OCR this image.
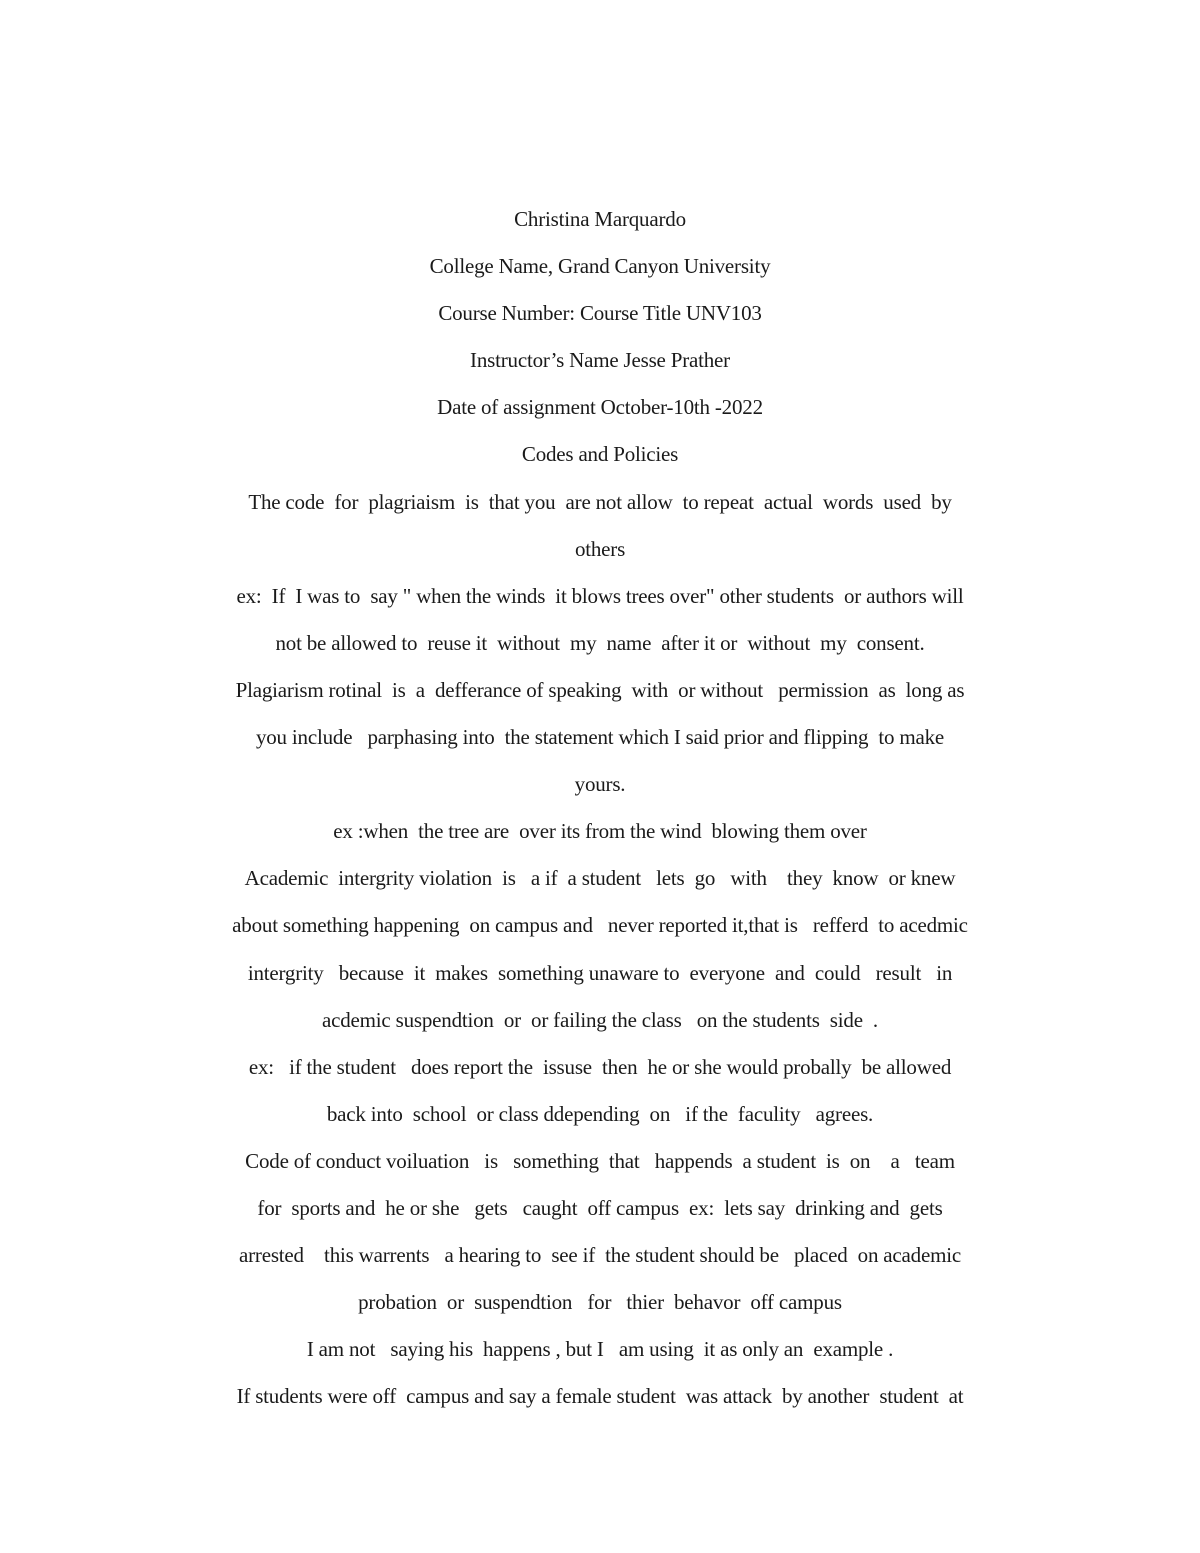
Christina Marquardo
College Name, Grand Canyon University
Course Number: Course Title UNV103
Instructor’s Name Jesse Prather
Date of assignment October-10th -2022
Codes and Policies
The code  for  plagriaism  is  that you  are not allow  to repeat  actual  words  used  by
others
ex:  If  I was to  say " when the winds  it blows trees over" other students  or authors will
not be allowed to  reuse it  without  my  name  after it or  without  my  consent.
Plagiarism rotinal  is  a  defferance of speaking  with  or without   permission  as  long as
you include   parphasing into  the statement which I said prior and flipping  to make
yours.
ex :when  the tree are  over its from the wind  blowing them over
Academic  intergrity violation  is   a if  a student   lets  go   with    they  know  or knew
about something happening  on campus and   never reported it,that is   refferd  to acedmic
intergrity   because  it  makes  something unaware to  everyone  and  could   result   in
acdemic suspendtion  or  or failing the class   on the students  side  .
ex:   if the student   does report the  issuse  then  he or she would probally  be allowed
back into  school  or class ddepending  on   if the  faculity   agrees.
Code of conduct voiluation   is   something  that   happends  a student  is  on    a   team
for  sports and  he or she   gets   caught  off campus  ex:  lets say  drinking and  gets
arrested    this warrents   a hearing to  see if  the student should be   placed  on academic
probation  or  suspendtion   for   thier  behavor  off campus
I am not   saying his  happens , but I   am using  it as only an  example .
If students were off  campus and say a female student  was attack  by another  student  at
